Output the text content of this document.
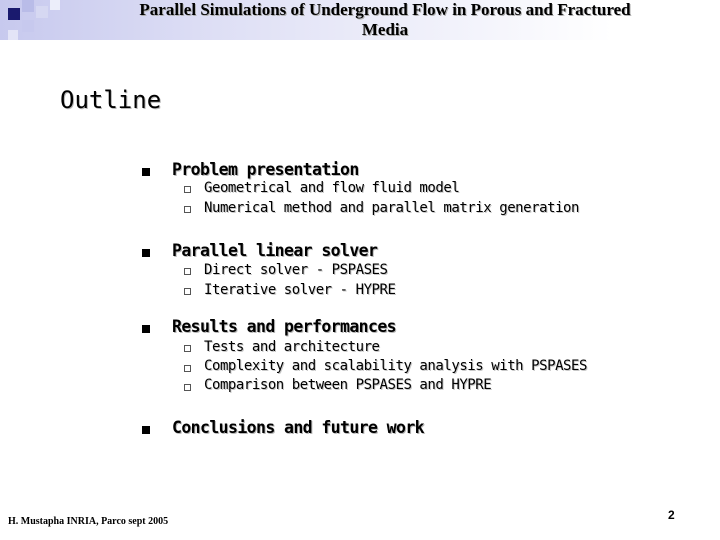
Parallel Simulations of Underground Flow in Porous and Fractured
Media
Outline
Problem presentation
Geometrical and flow fluid model
Numerical method and parallel matrix generation
Parallel linear solver
Direct solver - PSPASES
Iterative solver - HYPRE
Results and performances
Tests and architecture
Complexity and scalability analysis with PSPASES
Comparison between PSPASES and HYPRE
Conclusions and future work
H. Mustapha INRIA, Parco sept 2005	2
